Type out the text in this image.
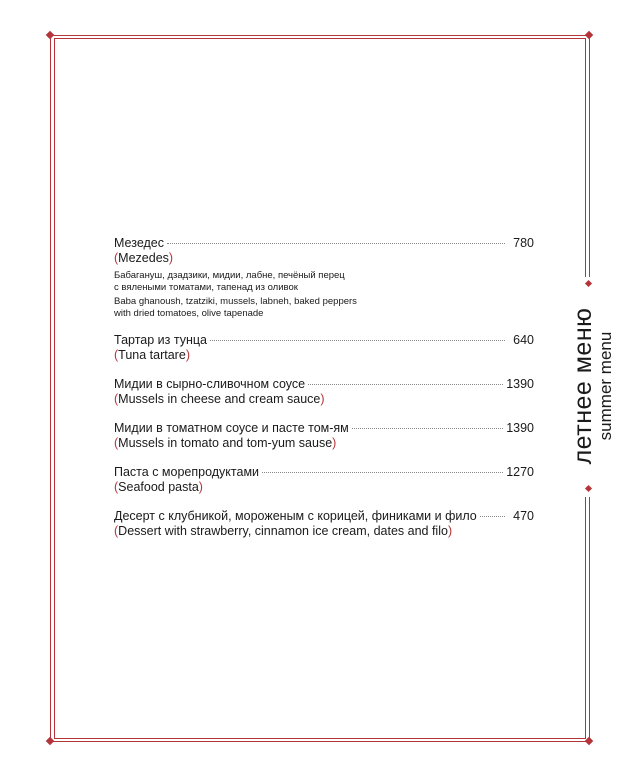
летнее меню summer menu
Мезедес	780
(Mezedes)
Бабагануш, дзадзики, мидии, лабне, печёный перец
с вялеными томатами, тапенад из оливок
Baba ghanoush, tzatziki, mussels, labneh, baked peppers
with dried tomatoes, olive tapenade
Тартар из тунца	640
(Tuna tartare)
Мидии в сырно-сливочном соусе	1390
(Mussels in cheese and cream sauce)
Мидии в томатном соусе и пасте том-ям	1390
(Mussels in tomato and tom-yum sause)
Паста с морепродуктами	1270
(Seafood pasta)
Десерт с клубникой, мороженым с корицей, финиками и фило	470
(Dessert with strawberry, cinnamon ice cream, dates and filo)
